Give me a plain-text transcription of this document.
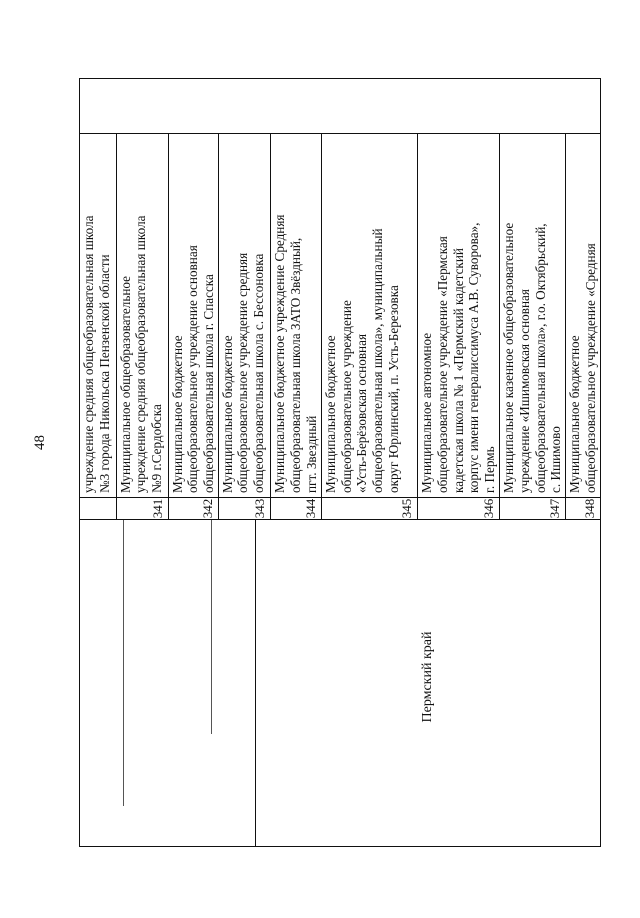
48
Пермский край
учреждение средняя общеобразовательная школа №3 города Никольска Пензенской области
341
Муниципальное общеобразовательное учреждение средняя общеобразовательная школа №9 г.Сердобска
342
Муниципальное бюджетное общеобразовательное учреждение основная общеобразовательная школа г. Спасска
343
Муниципальное бюджетное общеобразовательное учреждение средняя общеобразовательная школа с. Бессоновка
344
Муниципальное бюджетное учреждение Средняя общеобразовательная школа ЗАТО Звёздный, пгт. Звездный
345
Муниципальное бюджетное общеобразовательное учреждение «Усть-Берёзовская основная общеобразовательная школа», муниципальный округ Юрлинский, п. Усть-Березовка
346
Муниципальное автономное общеобразовательное учреждение «Пермская кадетская школа № 1 «Пермский кадетский корпус имени генералиссимуса А.В. Суворова», г. Пермь
347
Муниципальное казенное общеобразовательное учреждение «Ишимовская основная общеобразовательная школа», г.о. Октябрьский, с. Ишимово
348
Муниципальное бюджетное общеобразовательное учреждение «Средняя
